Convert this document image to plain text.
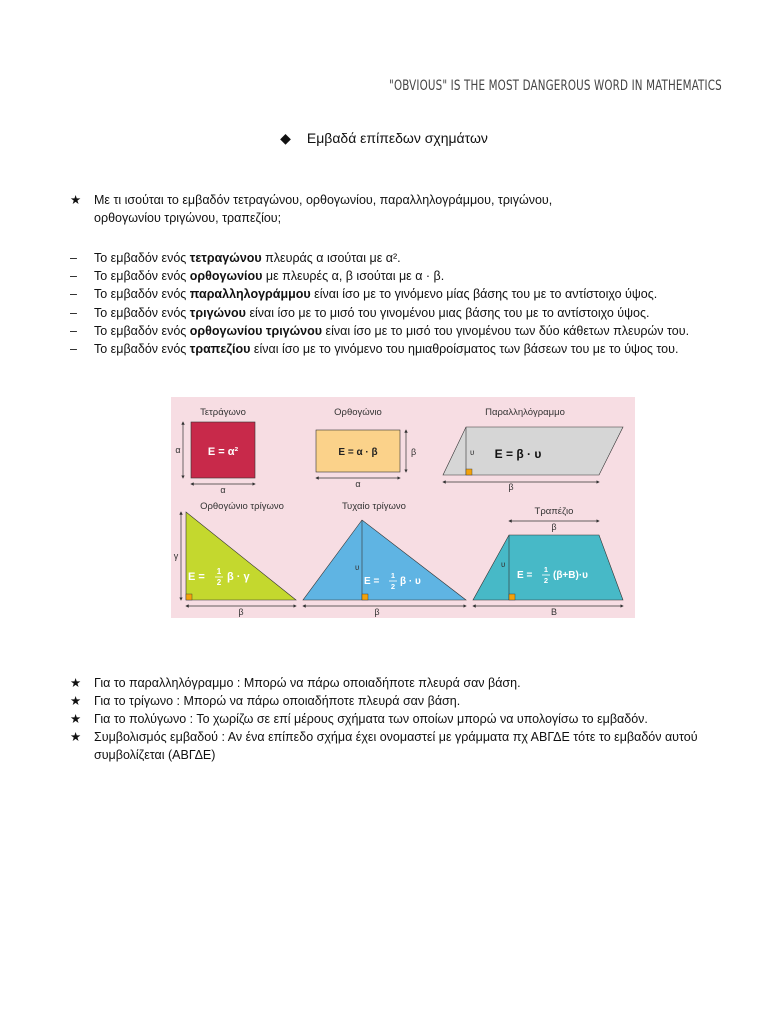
"OBVIOUS" IS THE MOST DANGEROUS WORD IN MATHEMATICS
◆ Εμβαδά επίπεδων σχημάτων
★ Με τι ισούται το εμβαδόν τετραγώνου, ορθογωνίου, παραλληλογράμμου, τριγώνου, ορθογωνίου τριγώνου, τραπεζίου;
– Το εμβαδόν ενός τετραγώνου πλευράς α ισούται με α².
– Το εμβαδόν ενός ορθογωνίου με πλευρές α, β ισούται με α · β.
– Το εμβαδόν ενός παραλληλογράμμου είναι ίσο με το γινόμενο μίας βάσης του με το αντίστοιχο ύψος.
– Το εμβαδόν ενός τριγώνου είναι ίσο με το μισό του γινομένου μιας βάσης του με το αντίστοιχο ύψος.
– Το εμβαδόν ενός ορθογωνίου τριγώνου είναι ίσο με το μισό του γινομένου των δύο κάθετων πλευρών του.
– Το εμβαδόν ενός τραπεζίου είναι ίσο με το γινόμενο του ημιαθροίσματος των βάσεων του με το ύψος του.
Τετράγωνο
Ε = α²
α
α
Ορθογώνιο
Ε = α · β	β
α
Παραλληλόγραμμο
υ Ε = β · υ
β
Ορθογώνιο τρίγωνο
γ
Ε = 1
2 β · γ
β
Τυχαίο τρίγωνο
υ
Ε =
1
2 β · υ
β
Τραπέζιο
β
υ
Ε =
1
2 (β+Β)·υ
Β
★ Για το παραλληλόγραμμο : Μπορώ να πάρω οποιαδήποτε πλευρά σαν βάση.
★ Για το τρίγωνο : Μπορώ να πάρω οποιαδήποτε πλευρά σαν βάση.
★ Για το πολύγωνο : Το χωρίζω σε επί μέρους σχήματα των οποίων μπορώ να υπολογίσω το εμβαδόν.
★ Συμβολισμός εμβαδού : Αν ένα επίπεδο σχήμα έχει ονομαστεί με γράμματα πχ ΑΒΓΔΕ τότε το εμβαδόν αυτού συμβολίζεται (ΑΒΓΔΕ)
